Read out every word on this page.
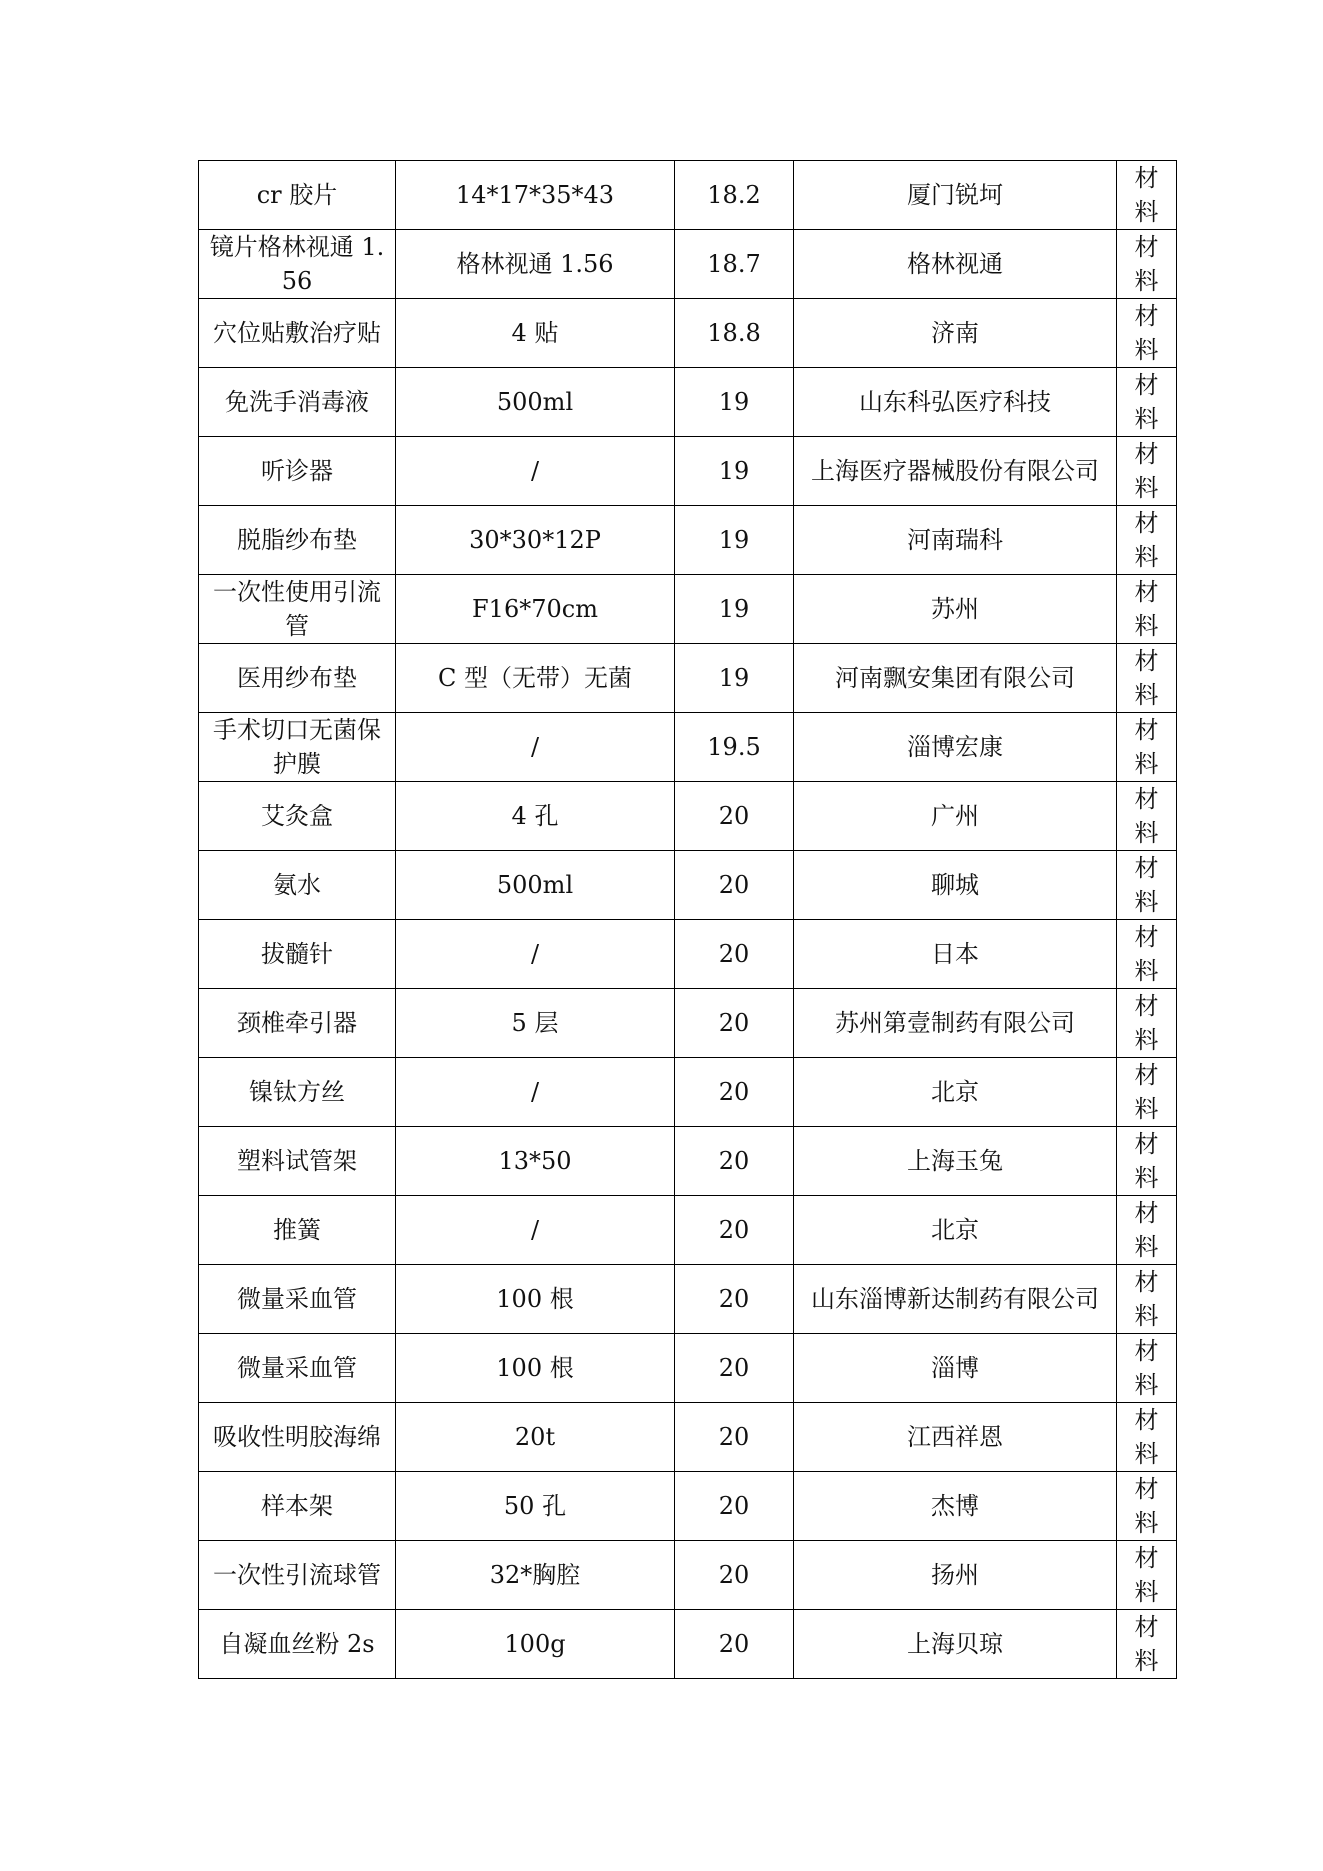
cr 胶片	14*17*35*43	18.2	厦门锐坷	材料
镜片格林视通 1.56	格林视通 1.56	18.7	格林视通	材料
穴位贴敷治疗贴	4 贴	18.8	济南	材料
免洗手消毒液	500ml	19	山东科弘医疗科技	材料
听诊器	/	19	上海医疗器械股份有限公司	材料
脱脂纱布垫	30*30*12P	19	河南瑞科	材料
一次性使用引流管	F16*70cm	19	苏州	材料
医用纱布垫	C 型（无带）无菌	19	河南飘安集团有限公司	材料
手术切口无菌保护膜	/	19.5	淄博宏康	材料
艾灸盒	4 孔	20	广州	材料
氨水	500ml	20	聊城	材料
拔髓针	/	20	日本	材料
颈椎牵引器	5 层	20	苏州第壹制药有限公司	材料
镍钛方丝	/	20	北京	材料
塑料试管架	13*50	20	上海玉兔	材料
推簧	/	20	北京	材料
微量采血管	100 根	20	山东淄博新达制药有限公司	材料
微量采血管	100 根	20	淄博	材料
吸收性明胶海绵	20t	20	江西祥恩	材料
样本架	50 孔	20	杰博	材料
一次性引流球管	32*胸腔	20	扬州	材料
自凝血丝粉 2s	100g	20	上海贝琼	材料
